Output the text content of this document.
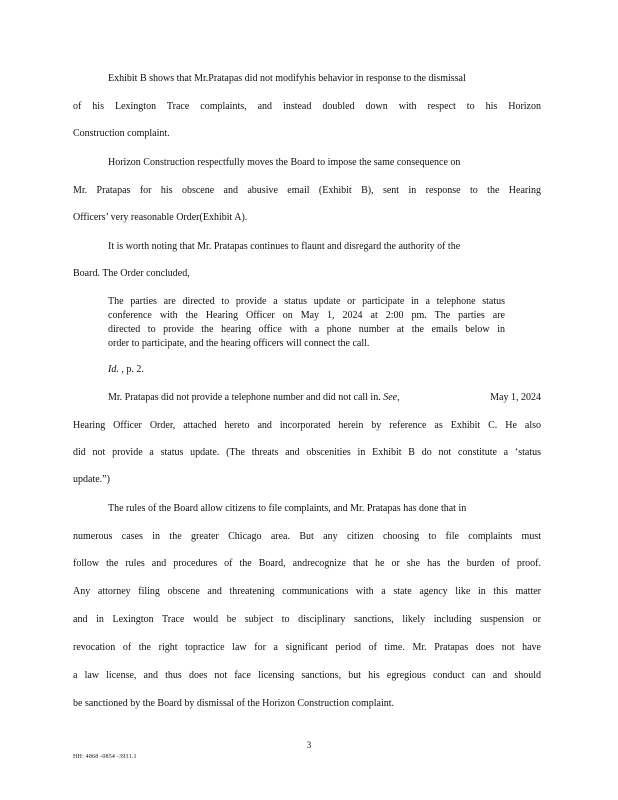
Exhibit B shows that Mr.Pratapas did not modifyhis behavior in response to the dismissal
of his Lexington Trace complaints, and instead doubled down with respect to his Horizon
Construction complaint.
Horizon Construction respectfully moves the Board to impose the same consequence on
Mr. Pratapas for his obscene and abusive email (Exhibit B), sent in response to the Hearing
Officers’ very reasonable Order(Exhibit A).
It is worth noting that Mr. Pratapas continues to flaunt and disregard the authority of the
Board. The Order concluded,
The parties are directed to provide a status update or participate in a telephone status
conference with the Hearing Officer on May 1, 2024 at 2:00 pm. The parties are
directed to provide the hearing office with a phone number at the emails below in
order to participate, and the hearing officers will connect the call.
Id. , p. 2.
Mr. Pratapas did not provide a telephone number and did not call in. See,	May 1, 2024
Hearing Officer Order, attached hereto and incorporated herein by reference as Exhibit C. He also
did not provide a status update. (The threats and obscenities in Exhibit B do not constitute a ‘status
update.”)
The rules of the Board allow citizens to file complaints, and Mr. Pratapas has done that in
numerous cases in the greater Chicago area. But any citizen choosing to file complaints must
follow the rules and procedures of the Board, andrecognize that he or she has the burden of proof.
Any attorney filing obscene and threatening communications with a state agency like in this matter
and in Lexington Trace would be subject to disciplinary sanctions, likely including suspension or
revocation of the right topractice law for a significant period of time. Mr. Pratapas does not have
a law license, and thus does not face licensing sanctions, but his egregious conduct can and should
be sanctioned by the Board by dismissal of the Horizon Construction complaint.
3
HH: 4868 -0854 -3931.1
